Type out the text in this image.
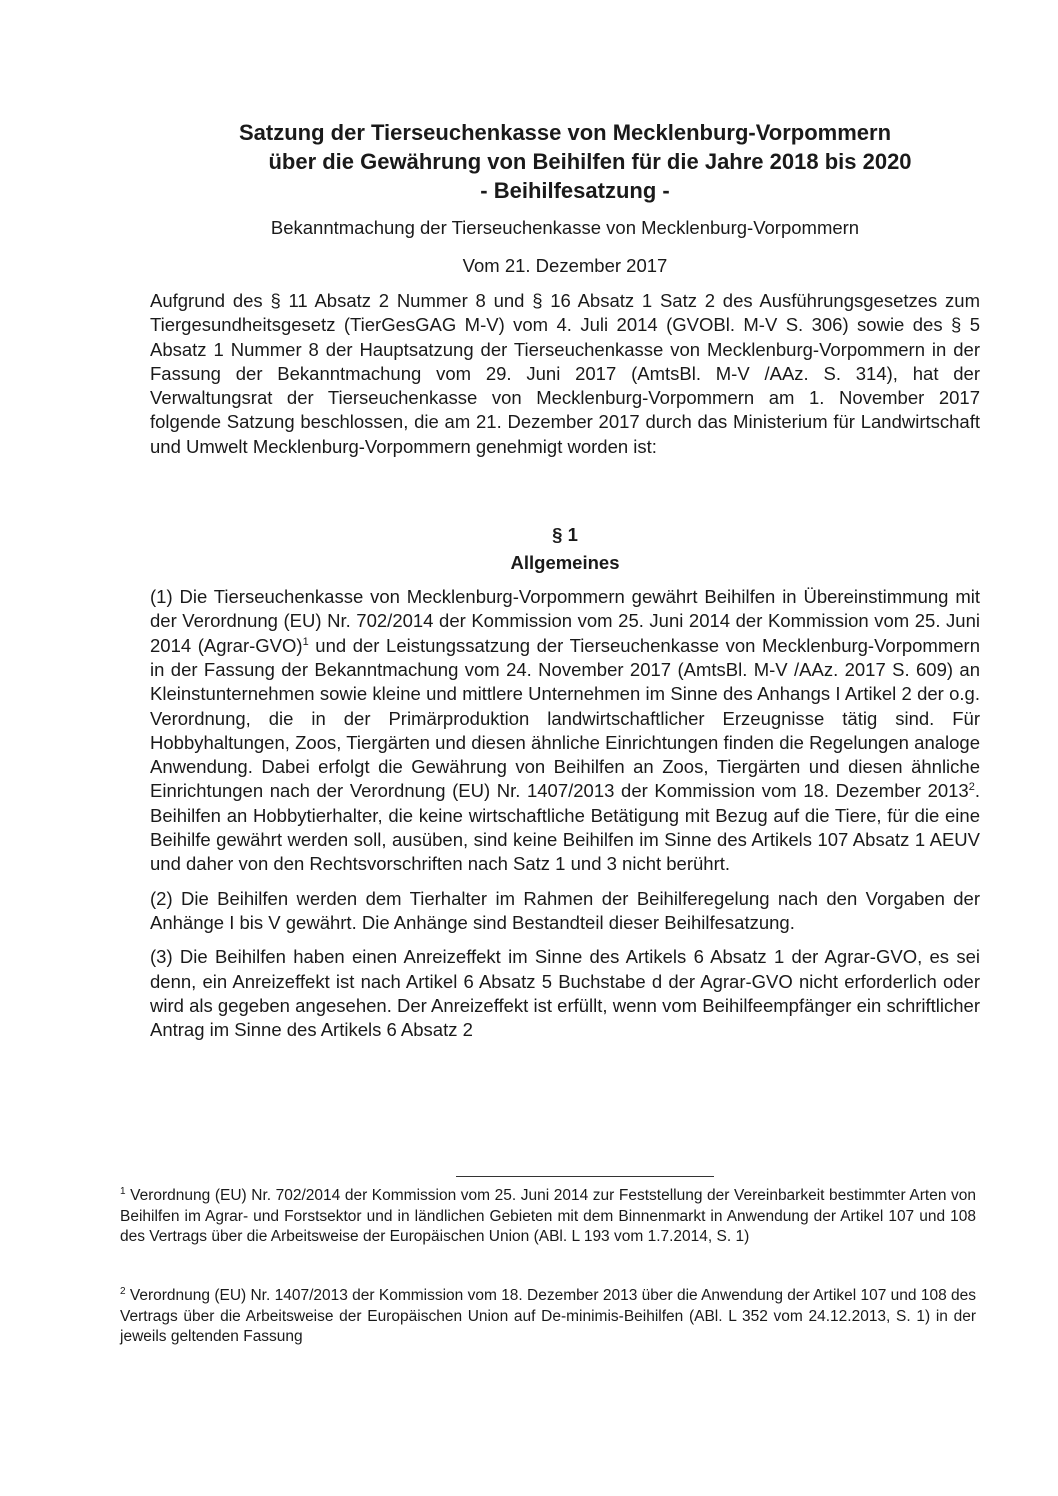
Satzung der Tierseuchenkasse von Mecklenburg-Vorpommern
über die Gewährung von Beihilfen für die Jahre 2018 bis 2020
- Beihilfesatzung -

Bekanntmachung der Tierseuchenkasse von Mecklenburg-Vorpommern

Vom 21. Dezember 2017

Aufgrund des § 11 Absatz 2 Nummer 8 und § 16 Absatz 1 Satz 2 des Ausführungsgesetzes zum Tiergesundheitsgesetz (TierGesGAG M-V) vom 4. Juli 2014 (GVOBl. M-V S. 306) sowie des § 5 Absatz 1 Nummer 8 der Hauptsatzung der Tierseuchenkasse von Mecklenburg-Vorpommern in der Fassung der Bekanntmachung vom 29. Juni 2017 (AmtsBl. M-V /AAz. S. 314), hat der Verwaltungsrat der Tierseuchenkasse von Mecklenburg-Vorpommern am 1. November 2017 folgende Satzung beschlossen, die am 21. Dezember 2017 durch das Ministerium für Landwirtschaft und Umwelt Mecklenburg-Vorpommern genehmigt worden ist:

§ 1
Allgemeines

(1) Die Tierseuchenkasse von Mecklenburg-Vorpommern gewährt Beihilfen in Übereinstimmung mit der Verordnung (EU) Nr. 702/2014 der Kommission vom 25. Juni 2014 der Kommission vom 25. Juni 2014 (Agrar-GVO)$^1$ und der Leistungssatzung der Tierseuchenkasse von Mecklenburg-Vorpommern in der Fassung der Bekanntmachung vom 24. November 2017 (AmtsBl. M-V /AAz. 2017 S. 609) an Kleinstunternehmen sowie kleine und mittlere Unternehmen im Sinne des Anhangs I Artikel 2 der o.g. Verordnung, die in der Primärproduktion landwirtschaftlicher Erzeugnisse tätig sind. Für Hobbyhaltungen, Zoos, Tiergärten und diesen ähnliche Einrichtungen finden die Regelungen analoge Anwendung. Dabei erfolgt die Gewährung von Beihilfen an Zoos, Tiergärten und diesen ähnliche Einrichtungen nach der Verordnung (EU) Nr. 1407/2013 der Kommission vom 18. Dezember 2013$^2$. Beihilfen an Hobbytierhalter, die keine wirtschaftliche Betätigung mit Bezug auf die Tiere, für die eine Beihilfe gewährt werden soll, ausüben, sind keine Beihilfen im Sinne des Artikels 107 Absatz 1 AEUV und daher von den Rechtsvorschriften nach Satz 1 und 3 nicht berührt.

(2) Die Beihilfen werden dem Tierhalter im Rahmen der Beihilferegelung nach den Vorgaben der Anhänge I bis V gewährt. Die Anhänge sind Bestandteil dieser Beihilfesatzung.

(3) Die Beihilfen haben einen Anreizeffekt im Sinne des Artikels 6 Absatz 1 der Agrar-GVO, es sei denn, ein Anreizeffekt ist nach Artikel 6 Absatz 5 Buchstabe d der Agrar-GVO nicht erforderlich oder wird als gegeben angesehen. Der Anreizeffekt ist erfüllt, wenn vom Beihilfeempfänger ein schriftlicher Antrag im Sinne des Artikels 6 Absatz 2

$^1$ Verordnung (EU) Nr. 702/2014 der Kommission vom 25. Juni 2014 zur Feststellung der Vereinbarkeit bestimmter Arten von Beihilfen im Agrar- und Forstsektor und in ländlichen Gebieten mit dem Binnenmarkt in Anwendung der Artikel 107 und 108 des Vertrags über die Arbeitsweise der Europäischen Union (ABl. L 193 vom 1.7.2014, S. 1)

$^2$ Verordnung (EU) Nr. 1407/2013 der Kommission vom 18. Dezember 2013 über die Anwendung der Artikel 107 und 108 des Vertrags über die Arbeitsweise der Europäischen Union auf De-minimis-Beihilfen (ABl. L 352 vom 24.12.2013, S. 1) in der jeweils geltenden Fassung
